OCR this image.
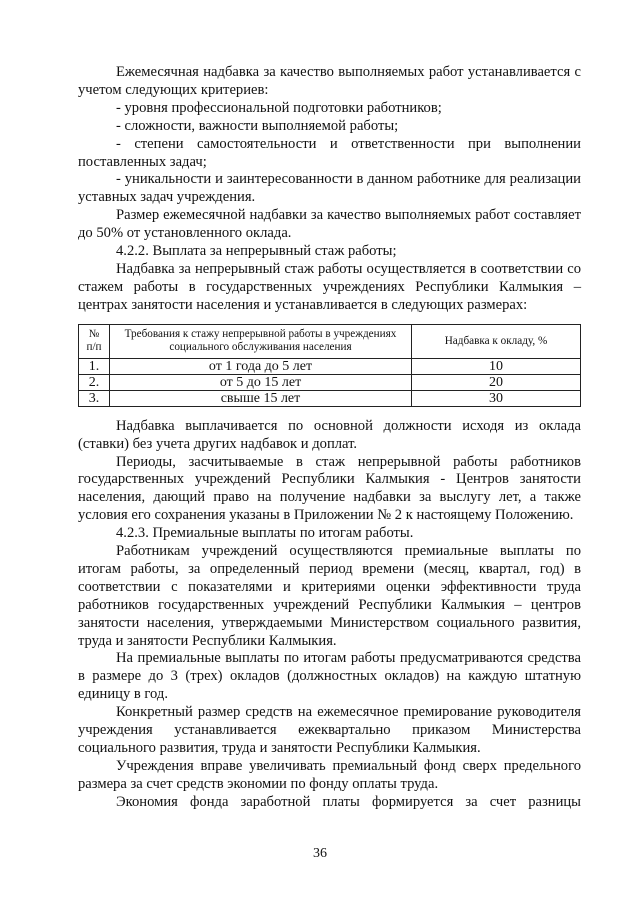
Ежемесячная надбавка за качество выполняемых работ устанавливается с учетом следующих критериев:

- уровня профессиональной подготовки работников;

- сложности, важности выполняемой работы;

- степени самостоятельности и ответственности при выполнении поставленных задач;

- уникальности и заинтересованности в данном работнике для реализации уставных задач учреждения.

Размер ежемесячной надбавки за качество выполняемых работ составляет до 50% от установленного оклада.

4.2.2. Выплата за непрерывный стаж работы;

Надбавка за непрерывный стаж работы осуществляется в соответствии со стажем работы в государственных учреждениях Республики Калмыкия – центрах занятости населения и устанавливается в следующих размерах:

№ п/п	Требования к стажу непрерывной работы в учреждениях социального обслуживания населения	Надбавка к окладу, %
1.	от 1 года до 5 лет	10
2.	от 5 до 15 лет	20
3.	свыше 15 лет	30

Надбавка выплачивается по основной должности исходя из оклада (ставки) без учета других надбавок и доплат.

Периоды, засчитываемые в стаж непрерывной работы работников государственных учреждений Республики Калмыкия - Центров занятости населения, дающий право на получение надбавки за выслугу лет, а также условия его сохранения указаны в Приложении № 2 к настоящему Положению.

4.2.3. Премиальные выплаты по итогам работы.

Работникам учреждений осуществляются премиальные выплаты по итогам работы, за определенный период времени (месяц, квартал, год) в соответствии с показателями и критериями оценки эффективности труда работников государственных учреждений Республики Калмыкия – центров занятости населения, утверждаемыми Министерством социального развития, труда и занятости Республики Калмыкия.

На премиальные выплаты по итогам работы предусматриваются средства в размере до 3 (трех) окладов (должностных окладов) на каждую штатную единицу в год.

Конкретный размер средств на ежемесячное премирование руководителя учреждения устанавливается ежеквартально приказом Министерства социального развития, труда и занятости Республики Калмыкия.

Учреждения вправе увеличивать премиальный фонд сверх предельного размера за счет средств экономии по фонду оплаты труда.

Экономия фонда заработной платы формируется за счет разницы

36
